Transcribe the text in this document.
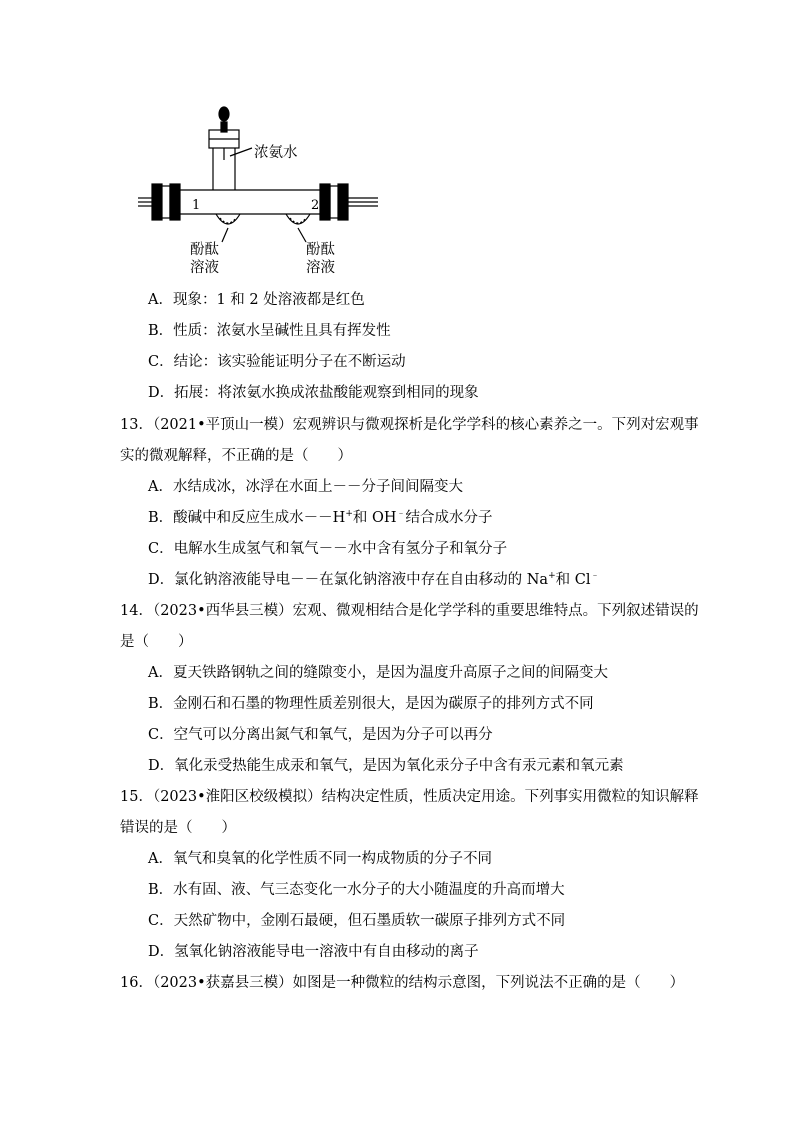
浓氨水
1	2
酚酞
溶液
酚酞
溶液
A．现象：1 和 2 处溶液都是红色
B．性质：浓氨水呈碱性且具有挥发性
C．结论：该实验能证明分子在不断运动
D．拓展：将浓氨水换成浓盐酸能观察到相同的现象
13．（2021•平顶山一模）宏观辨识与微观探析是化学学科的核心素养之一。下列对宏观事
实的微观解释，不正确的是（　　）
A．水结成冰，冰浮在水面上－－分子间间隔变大
B．酸碱中和反应生成水－－H+和 OH﹣结合成水分子
C．电解水生成氢气和氧气－－水中含有氢分子和氧分子
D．氯化钠溶液能导电－－在氯化钠溶液中存在自由移动的 Na+和 Cl﹣
14．（2023•西华县三模）宏观、微观相结合是化学学科的重要思维特点。下列叙述错误的
是（　　）
A．夏天铁路钢轨之间的缝隙变小，是因为温度升高原子之间的间隔变大
B．金刚石和石墨的物理性质差别很大，是因为碳原子的排列方式不同
C．空气可以分离出氮气和氧气，是因为分子可以再分
D．氧化汞受热能生成汞和氧气，是因为氧化汞分子中含有汞元素和氧元素
15．（2023•淮阳区校级模拟）结构决定性质，性质决定用途。下列事实用微粒的知识解释
错误的是（　　）
A．氧气和臭氧的化学性质不同一构成物质的分子不同
B．水有固、液、气三态变化一水分子的大小随温度的升高而增大
C．天然矿物中，金刚石最硬，但石墨质软一碳原子排列方式不同
D．氢氧化钠溶液能导电一溶液中有自由移动的离子
16．（2023•获嘉县三模）如图是一种微粒的结构示意图，下列说法不正确的是（　　）
